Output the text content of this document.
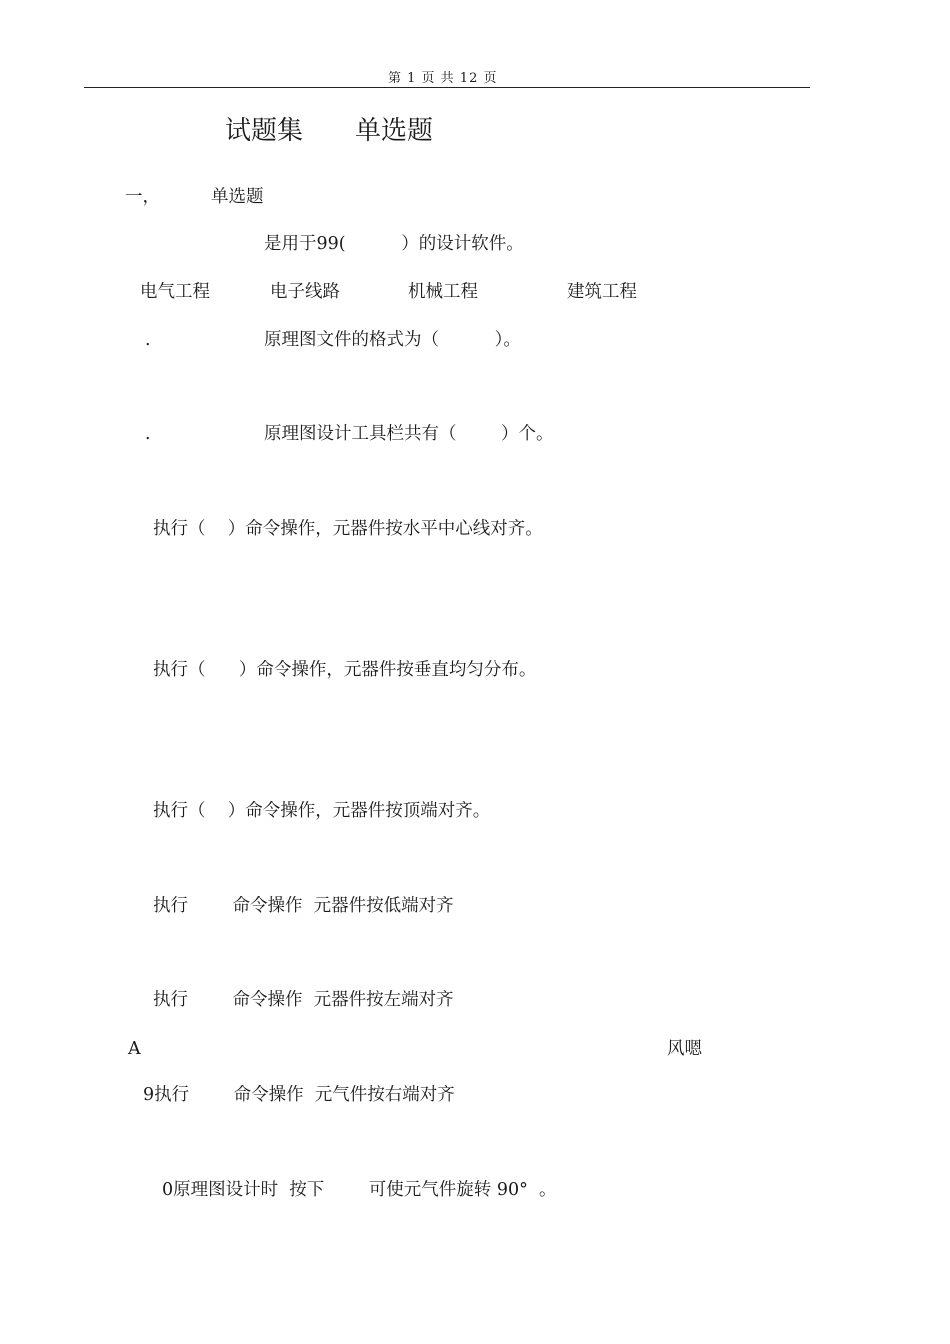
第 1 页 共 12 页
试题集 单选题
一，	单选题
是用于99(          ）的设计软件。
电气工程	电子线路	机械工程	建筑工程
.	原理图文件的格式为（          ）。
.	原理图设计工具栏共有（        ）个。
执行（    ）命令操作，元器件按水平中心线对齐。
执行（      ）命令操作，元器件按垂直均匀分布。
执行（    ）命令操作，元器件按顶端对齐。
执行        命令操作  元器件按低端对齐
执行        命令操作  元器件按左端对齐
A	风嗯
9执行        命令操作  元气件按右端对齐
0原理图设计时  按下        可使元气件旋转 90°  。
